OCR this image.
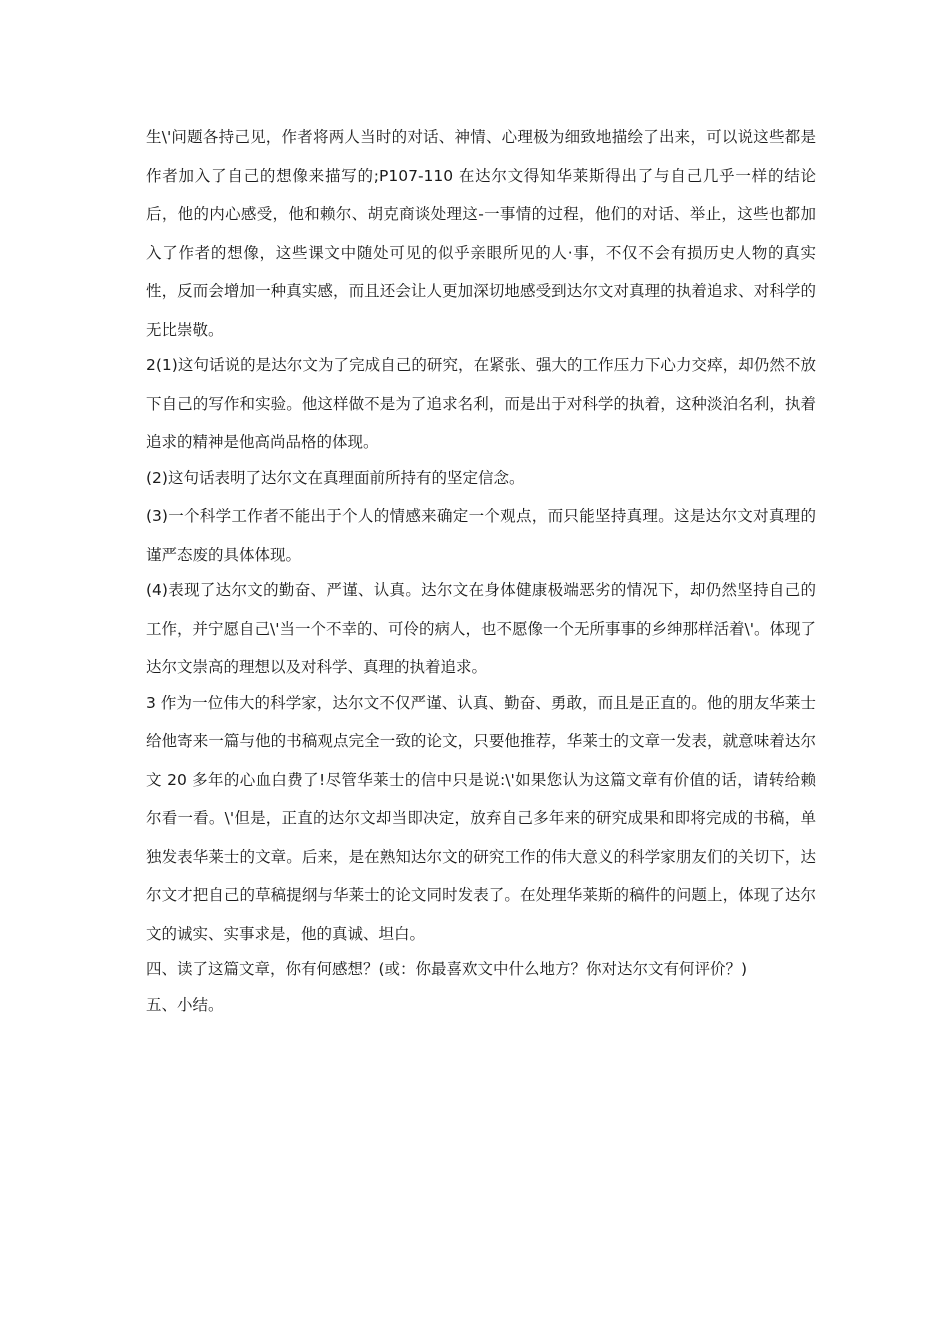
生\'问题各持己见，作者将两人当时的对话、神情、心理极为细致地描绘了出来，可以说这些都是作者加入了自己的想像来描写的;P107-110 在达尔文得知华莱斯得出了与自己几乎一样的结论后，他的内心感受，他和赖尔、胡克商谈处理这-一事情的过程，他们的对话、举止，这些也都加入了作者的想像，这些课文中随处可见的似乎亲眼所见的人·事，不仅不会有损历史人物的真实性，反而会增加一种真实感，而且还会让人更加深切地感受到达尔文对真理的执着追求、对科学的无比崇敬。

2(1)这句话说的是达尔文为了完成自己的研究，在紧张、强大的工作压力下心力交瘁，却仍然不放下自己的写作和实验。他这样做不是为了追求名利，而是出于对科学的执着，这种淡泊名利，执着追求的精神是他高尚品格的体现。

(2)这句话表明了达尔文在真理面前所持有的坚定信念。

(3)一个科学工作者不能出于个人的情感来确定一个观点，而只能坚持真理。这是达尔文对真理的谨严态废的具体体现。

(4)表现了达尔文的勤奋、严谨、认真。达尔文在身体健康极端恶劣的情况下，却仍然坚持自己的工作，并宁愿自己\'当一个不幸的、可伶的病人，也不愿像一个无所事事的乡绅那样活着\'。体现了达尔文崇高的理想以及对科学、真理的执着追求。

3 作为一位伟大的科学家，达尔文不仅严谨、认真、勤奋、勇敢，而且是正直的。他的朋友华莱士给他寄来一篇与他的书稿观点完全一致的论文，只要他推荐，华莱士的文章一发表，就意味着达尔文 20 多年的心血白费了!尽管华莱士的信中只是说:\'如果您认为这篇文章有价值的话，请转给赖尔看一看。\'但是，正直的达尔文却当即决定，放弃自己多年来的研究成果和即将完成的书稿，单独发表华莱士的文章。后来，是在熟知达尔文的研究工作的伟大意义的科学家朋友们的关切下，达尔文才把自己的草稿提纲与华莱士的论文同时发表了。在处理华莱斯的稿件的问题上，体现了达尔文的诚实、实事求是，他的真诚、坦白。

四、读了这篇文章，你有何感想？(或：你最喜欢文中什么地方？你对达尔文有何评价？)

五、小结。
